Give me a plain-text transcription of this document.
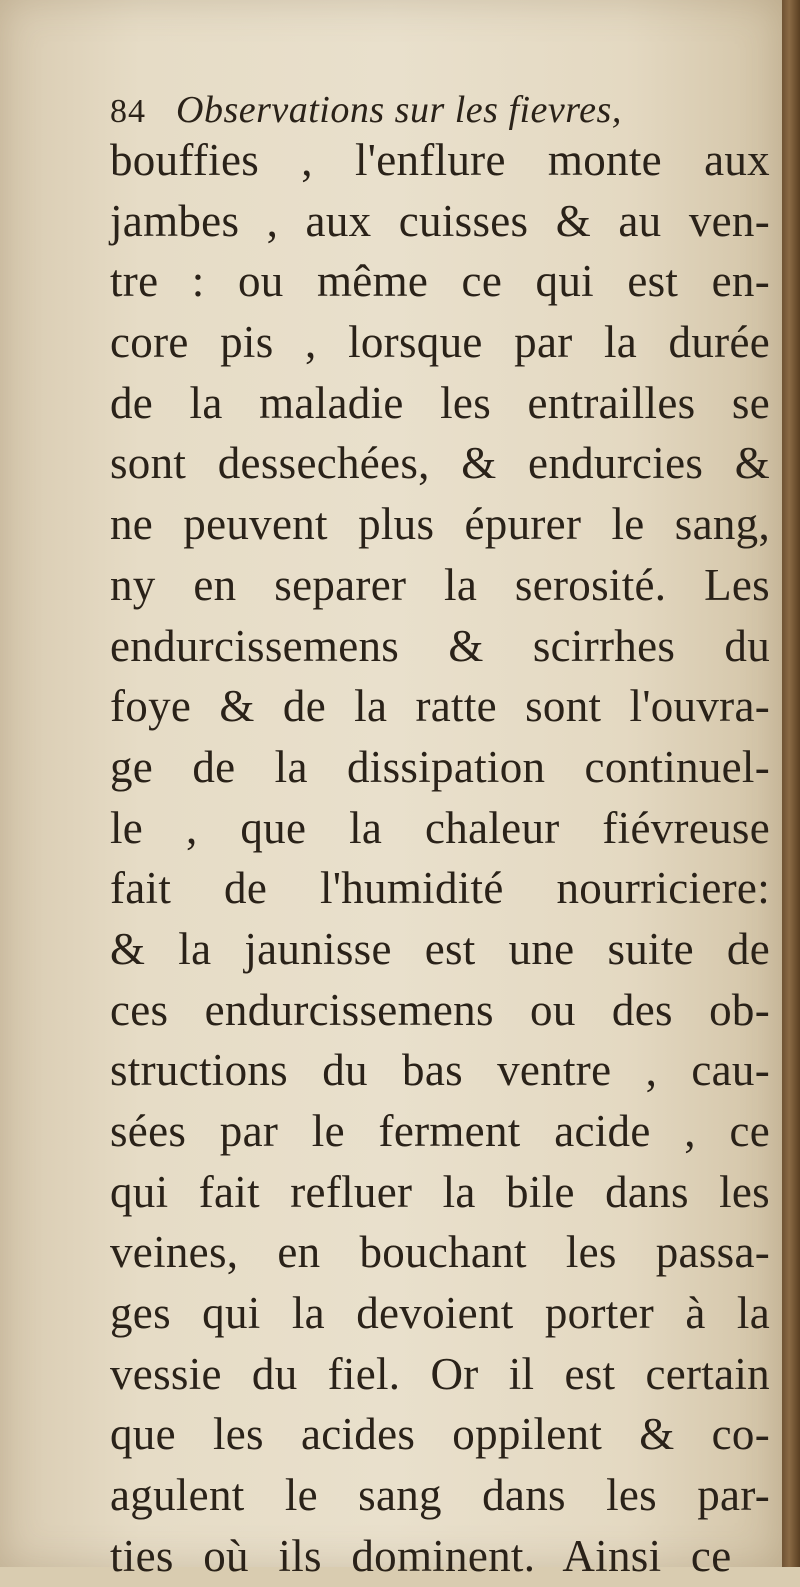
84 Observations sur les fievres,
bouffies , l'enflure monte aux
jambes , aux cuisses & au ven-
tre : ou même ce qui est en-
core pis , lorsque par la durée
de la maladie les entrailles se
sont dessechées, & endurcies &
ne peuvent plus épurer le sang,
ny en separer la serosité. Les
endurcissemens & scirrhes du
foye & de la ratte sont l'ouvra-
ge de la dissipation continuel-
le , que la chaleur fiévreuse
fait de l'humidité nourriciere:
& la jaunisse est une suite de
ces endurcissemens ou des ob-
structions du bas ventre , cau-
sées par le ferment acide , ce
qui fait refluer la bile dans les
veines, en bouchant les passa-
ges qui la devoient porter à la
vessie du fiel. Or il est certain
que les acides oppilent & co-
agulent le sang dans les par-
ties où ils dominent. Ainsi ce
